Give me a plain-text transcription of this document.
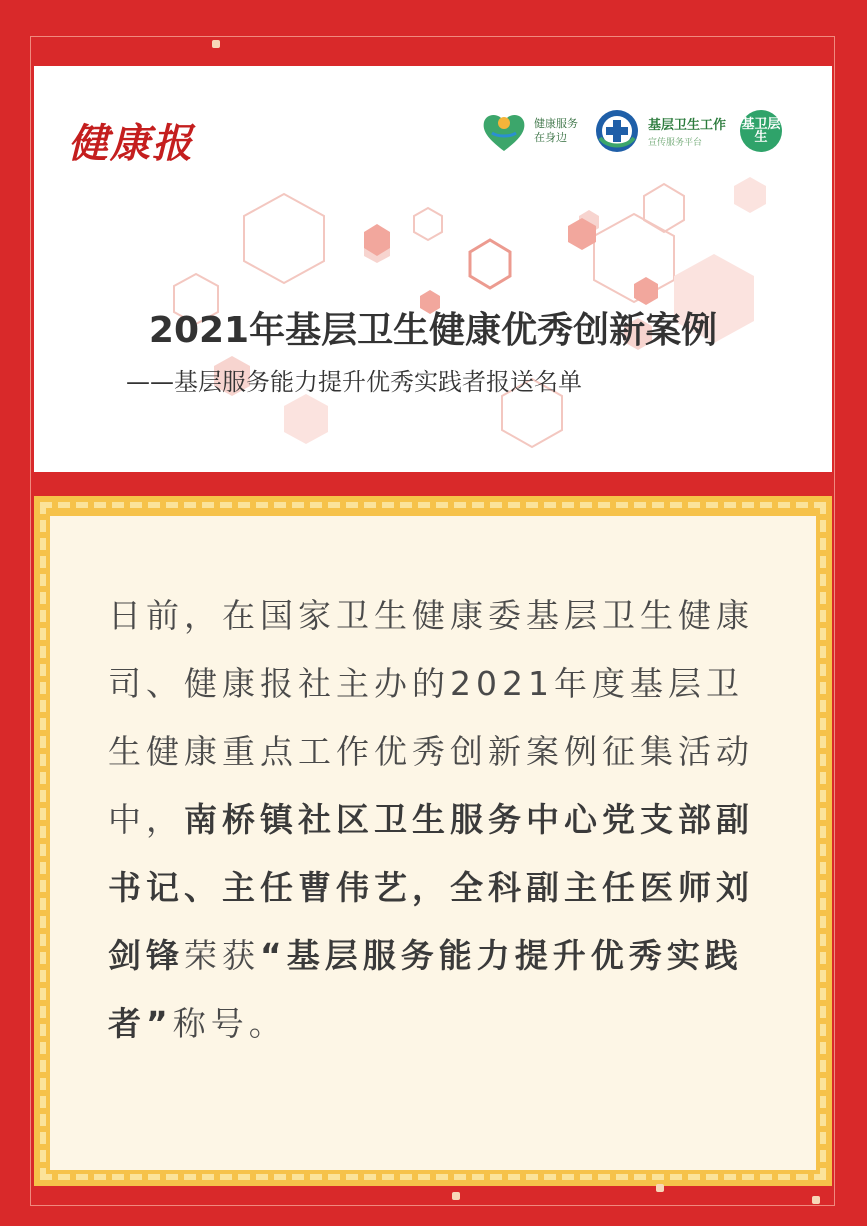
健康报	健康服务 在身边
基层卫生工作
宣传服务平台
基卫层生
2021年基层卫生健康优秀创新案例
——基层服务能力提升优秀实践者报送名单
日前，在国家卫生健康委基层卫生健康司、健康报社主办的2021年度基层卫生健康重点工作优秀创新案例征集活动中，南桥镇社区卫生服务中心党支部副书记、主任曹伟艺，全科副主任医师刘剑锋荣获“基层服务能力提升优秀实践者”称号。
